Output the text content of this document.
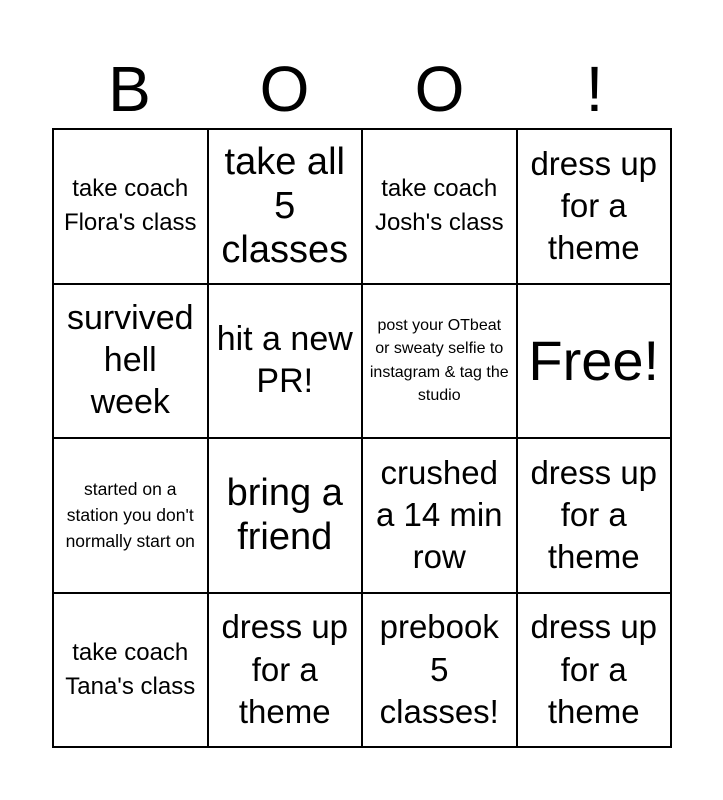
B	O	O	!
take coach Flora's class
take all 5 classes
take coach Josh's class
dress up for a theme
survived hell week
hit a new PR!
post your OTbeat or sweaty selfie to instagram & tag the studio
Free!
started on a station you don't normally start on
bring a friend
crushed a 14 min row
dress up for a theme
take coach Tana's class
dress up for a theme
prebook 5 classes!
dress up for a theme
